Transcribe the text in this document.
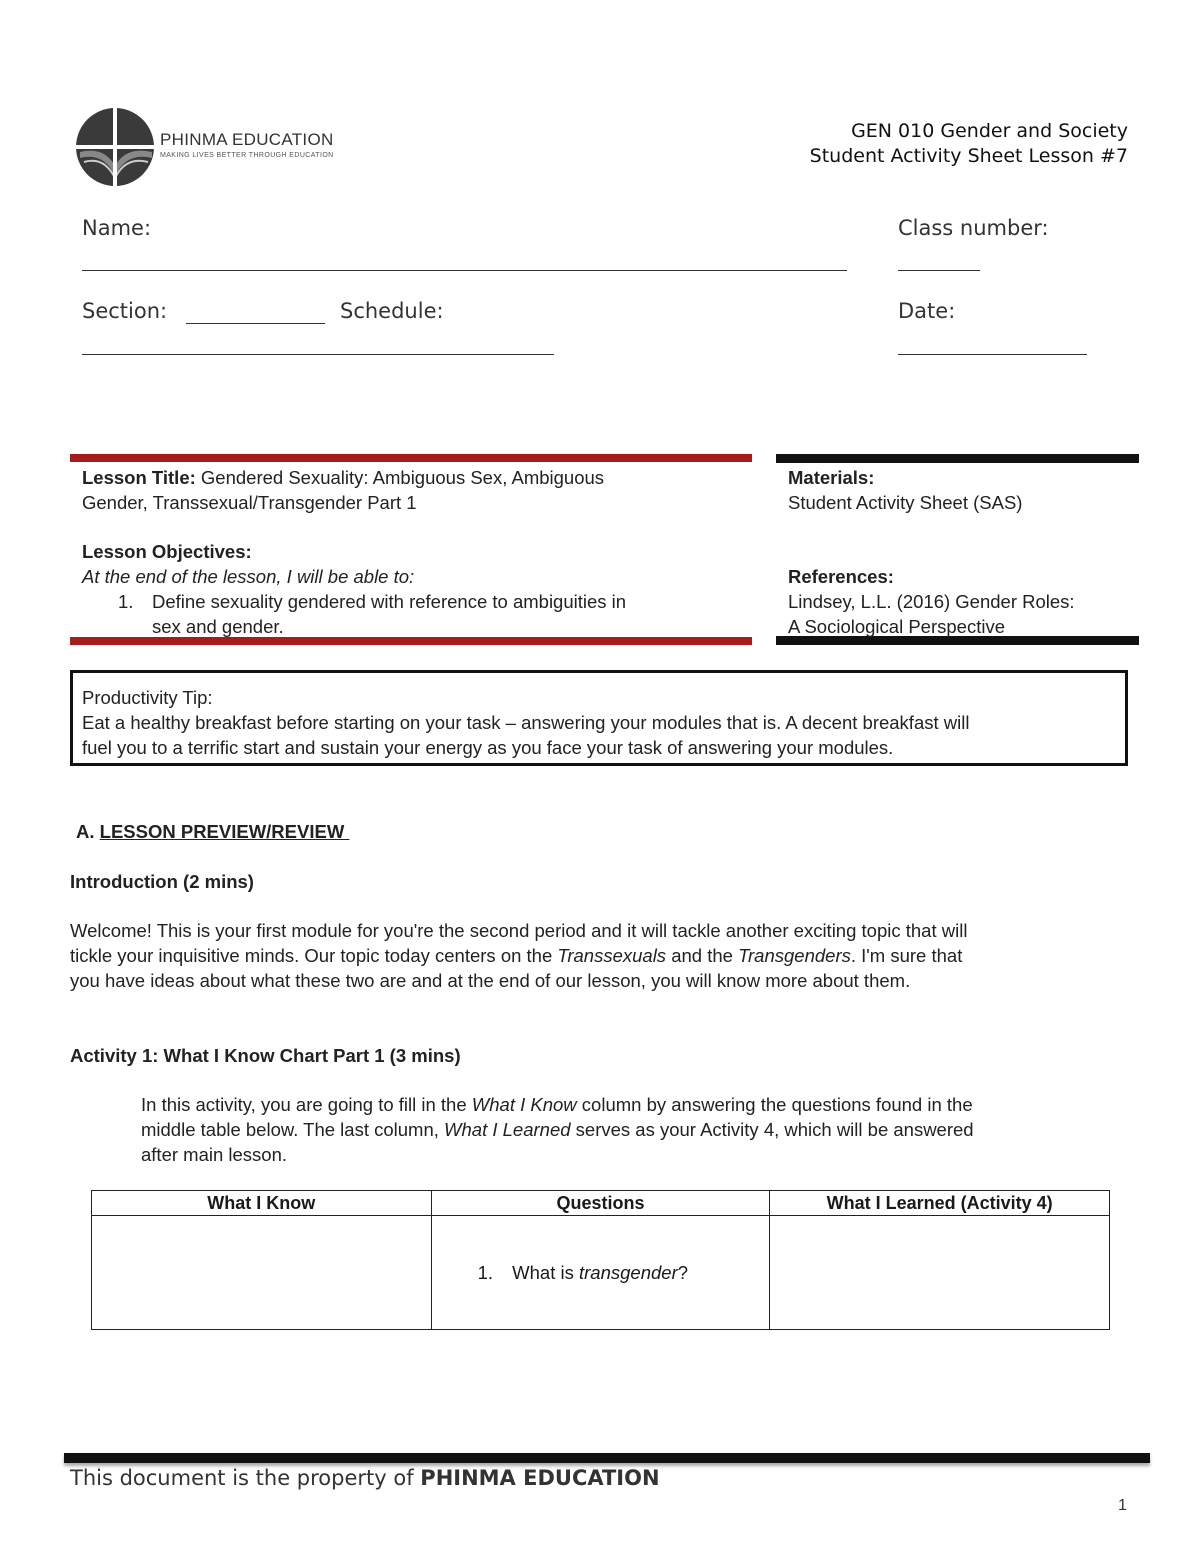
PHINMA EDUCATION
MAKING LIVES BETTER THROUGH EDUCATION
GEN 010 Gender and Society
Student Activity Sheet Lesson #7
Name:	Class number:
Section:	Schedule:	Date:
Lesson Title: Gendered Sexuality: Ambiguous Sex, Ambiguous
Gender, Transsexual/Transgender Part 1
Lesson Objectives:
At the end of the lesson, I will be able to:
1. Define sexuality gendered with reference to ambiguities in
sex and gender.
Materials:
Student Activity Sheet (SAS)
References:
Lindsey, L.L. (2016) Gender Roles:
A Sociological Perspective
Productivity Tip:
Eat a healthy breakfast before starting on your task – answering your modules that is. A decent breakfast will
fuel you to a terrific start and sustain your energy as you face your task of answering your modules.
A. LESSON PREVIEW/REVIEW
Introduction (2 mins)
Welcome! This is your first module for you're the second period and it will tackle another exciting topic that will
tickle your inquisitive minds. Our topic today centers on the Transsexuals and the Transgenders. I'm sure that
you have ideas about what these two are and at the end of our lesson, you will know more about them.
Activity 1: What I Know Chart Part 1 (3 mins)
In this activity, you are going to fill in the What I Know column by answering the questions found in the
middle table below. The last column, What I Learned serves as your Activity 4, which will be answered
after main lesson.
What I Know	Questions	What I Learned (Activity 4)
	1. What is transgender?	
This document is the property of PHINMA EDUCATION
1
